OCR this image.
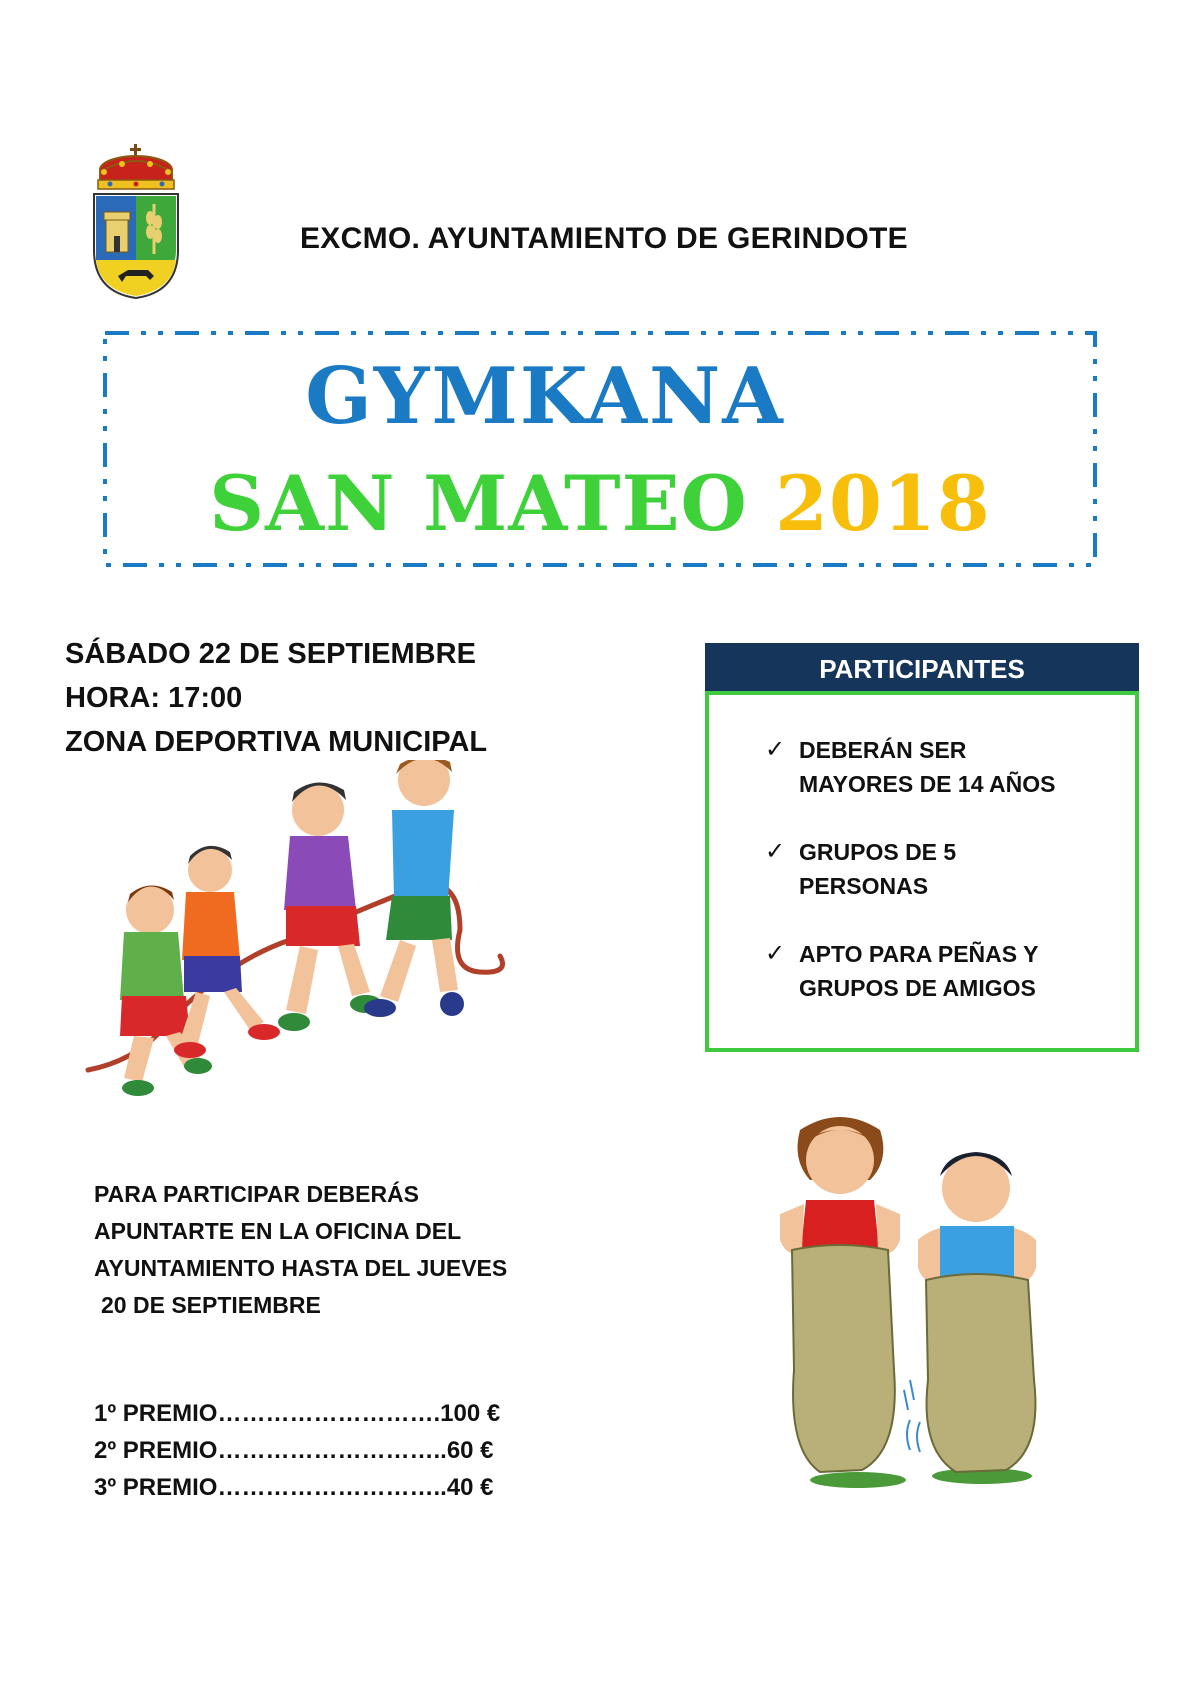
EXCMO. AYUNTAMIENTO DE GERINDOTE
GYMKANA
SAN MATEO 2018
SÁBADO 22 DE SEPTIEMBRE
HORA: 17:00
ZONA DEPORTIVA MUNICIPAL
PARTICIPANTES
✓ DEBERÁN SER
MAYORES DE 14 AÑOS
✓ GRUPOS DE 5
PERSONAS
✓ APTO PARA PEÑAS Y
GRUPOS DE AMIGOS
PARA PARTICIPAR DEBERÁS
APUNTARTE EN LA OFICINA DEL
AYUNTAMIENTO HASTA DEL JUEVES
20 DE SEPTIEMBRE
1º PREMIO ………………………. 100 €
2º PREMIO ……………………….. 60 €
3º PREMIO ……………………….. 40 €
